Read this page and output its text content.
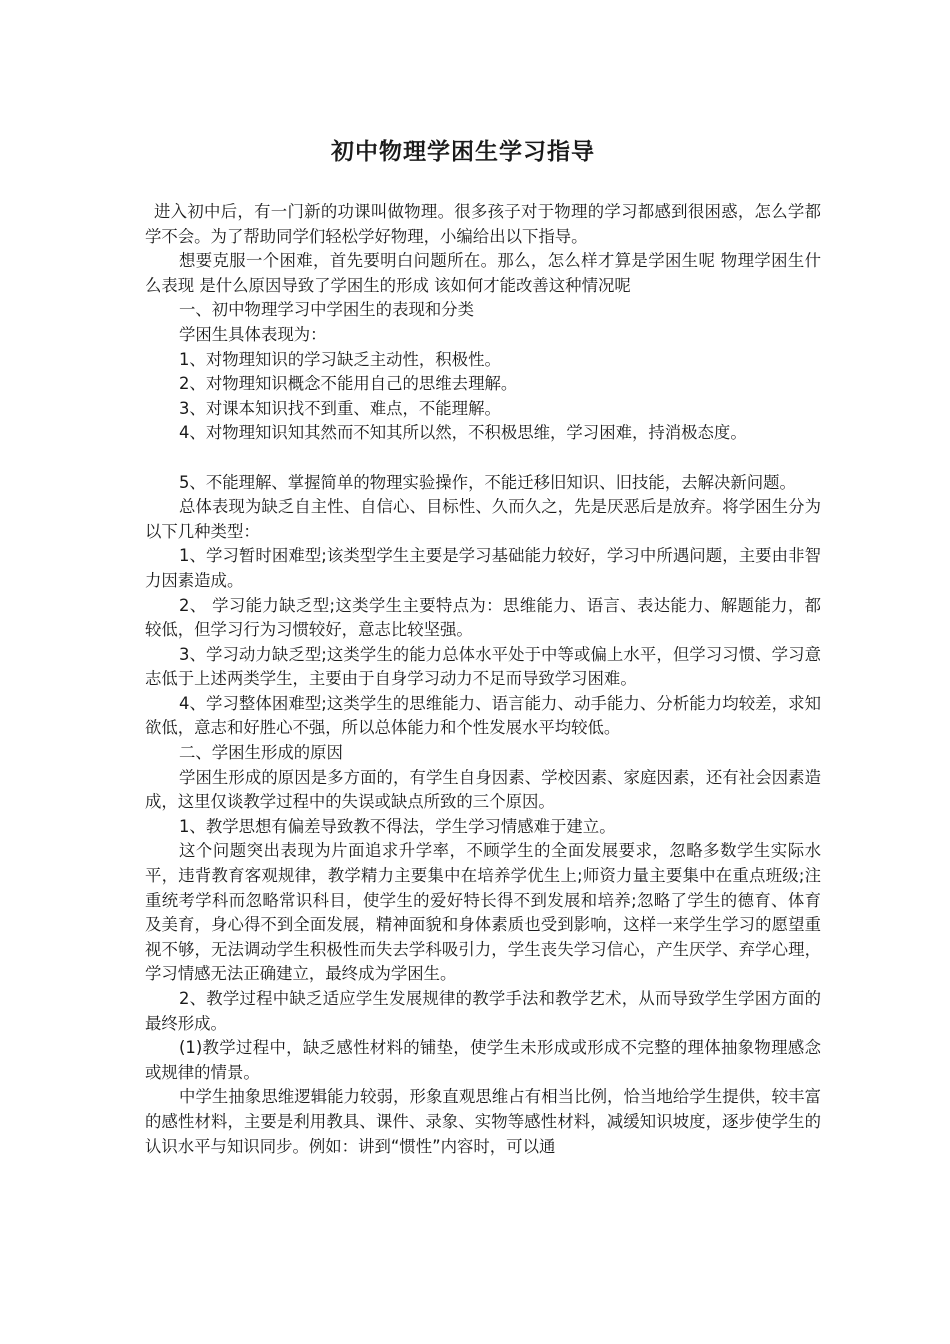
初中物理学困生学习指导

进入初中后，有一门新的功课叫做物理。很多孩子对于物理的学习都感到很困惑，怎么学都学不会。为了帮助同学们轻松学好物理，小编给出以下指导。

想要克服一个困难，首先要明白问题所在。那么，怎么样才算是学困生呢 物理学困生什么表现 是什么原因导致了学困生的形成 该如何才能改善这种情况呢

一、初中物理学习中学困生的表现和分类

学困生具体表现为：

1、对物理知识的学习缺乏主动性，积极性。

2、对物理知识概念不能用自己的思维去理解。

3、对课本知识找不到重、难点，不能理解。

4、对物理知识知其然而不知其所以然，不积极思维，学习困难，持消极态度。

5、不能理解、掌握简单的物理实验操作，不能迁移旧知识、旧技能，去解决新问题。

总体表现为缺乏自主性、自信心、目标性、久而久之，先是厌恶后是放弃。将学困生分为以下几种类型：

1、学习暂时困难型;该类型学生主要是学习基础能力较好，学习中所遇问题，主要由非智力因素造成。

2、 学习能力缺乏型;这类学生主要特点为：思维能力、语言、表达能力、解题能力，都较低，但学习行为习惯较好，意志比较坚强。

3、学习动力缺乏型;这类学生的能力总体水平处于中等或偏上水平，但学习习惯、学习意志低于上述两类学生，主要由于自身学习动力不足而导致学习困难。

4、学习整体困难型;这类学生的思维能力、语言能力、动手能力、分析能力均较差，求知欲低，意志和好胜心不强，所以总体能力和个性发展水平均较低。

二、学困生形成的原因

学困生形成的原因是多方面的，有学生自身因素、学校因素、家庭因素，还有社会因素造成，这里仅谈教学过程中的失误或缺点所致的三个原因。

1、教学思想有偏差导致教不得法，学生学习情感难于建立。

这个问题突出表现为片面追求升学率，不顾学生的全面发展要求，忽略多数学生实际水平，违背教育客观规律，教学精力主要集中在培养学优生上;师资力量主要集中在重点班级;注重统考学科而忽略常识科目，使学生的爱好特长得不到发展和培养;忽略了学生的德育、体育及美育，身心得不到全面发展，精神面貌和身体素质也受到影响，这样一来学生学习的愿望重视不够，无法调动学生积极性而失去学科吸引力，学生丧失学习信心，产生厌学、弃学心理，学习情感无法正确建立，最终成为学困生。

2、教学过程中缺乏适应学生发展规律的教学手法和教学艺术，从而导致学生学困方面的最终形成。

(1)教学过程中，缺乏感性材料的铺垫，使学生未形成或形成不完整的理体抽象物理感念或规律的情景。

中学生抽象思维逻辑能力较弱，形象直观思维占有相当比例，恰当地给学生提供，较丰富的感性材料，主要是利用教具、课件、录象、实物等感性材料，减缓知识坡度，逐步使学生的认识水平与知识同步。例如：讲到“惯性”内容时，可以通
